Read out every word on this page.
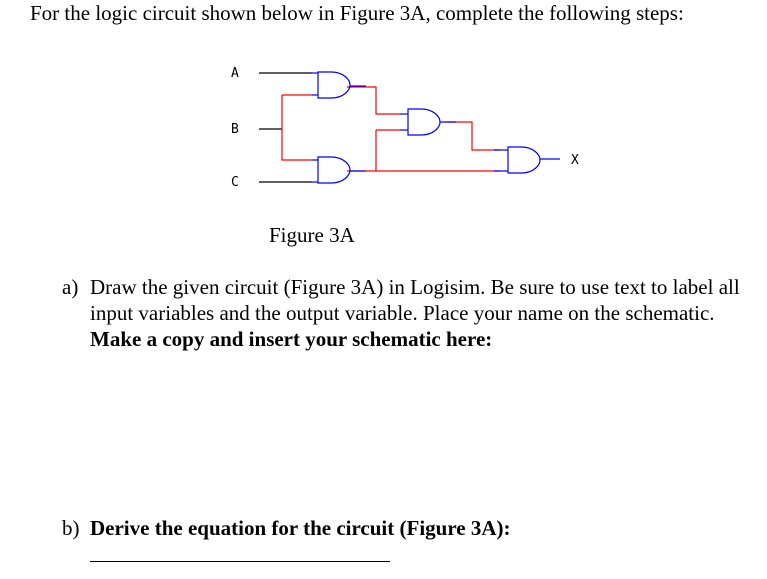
For the logic circuit shown below in Figure 3A, complete the following steps:

A
B
C
X
Figure 3A
a) Draw the given circuit (Figure 3A) in Logisim. Be sure to use text to label all input variables and the output variable. Place your name on the schematic. Make a copy and insert your schematic here:
b) Derive the equation for the circuit (Figure 3A):
